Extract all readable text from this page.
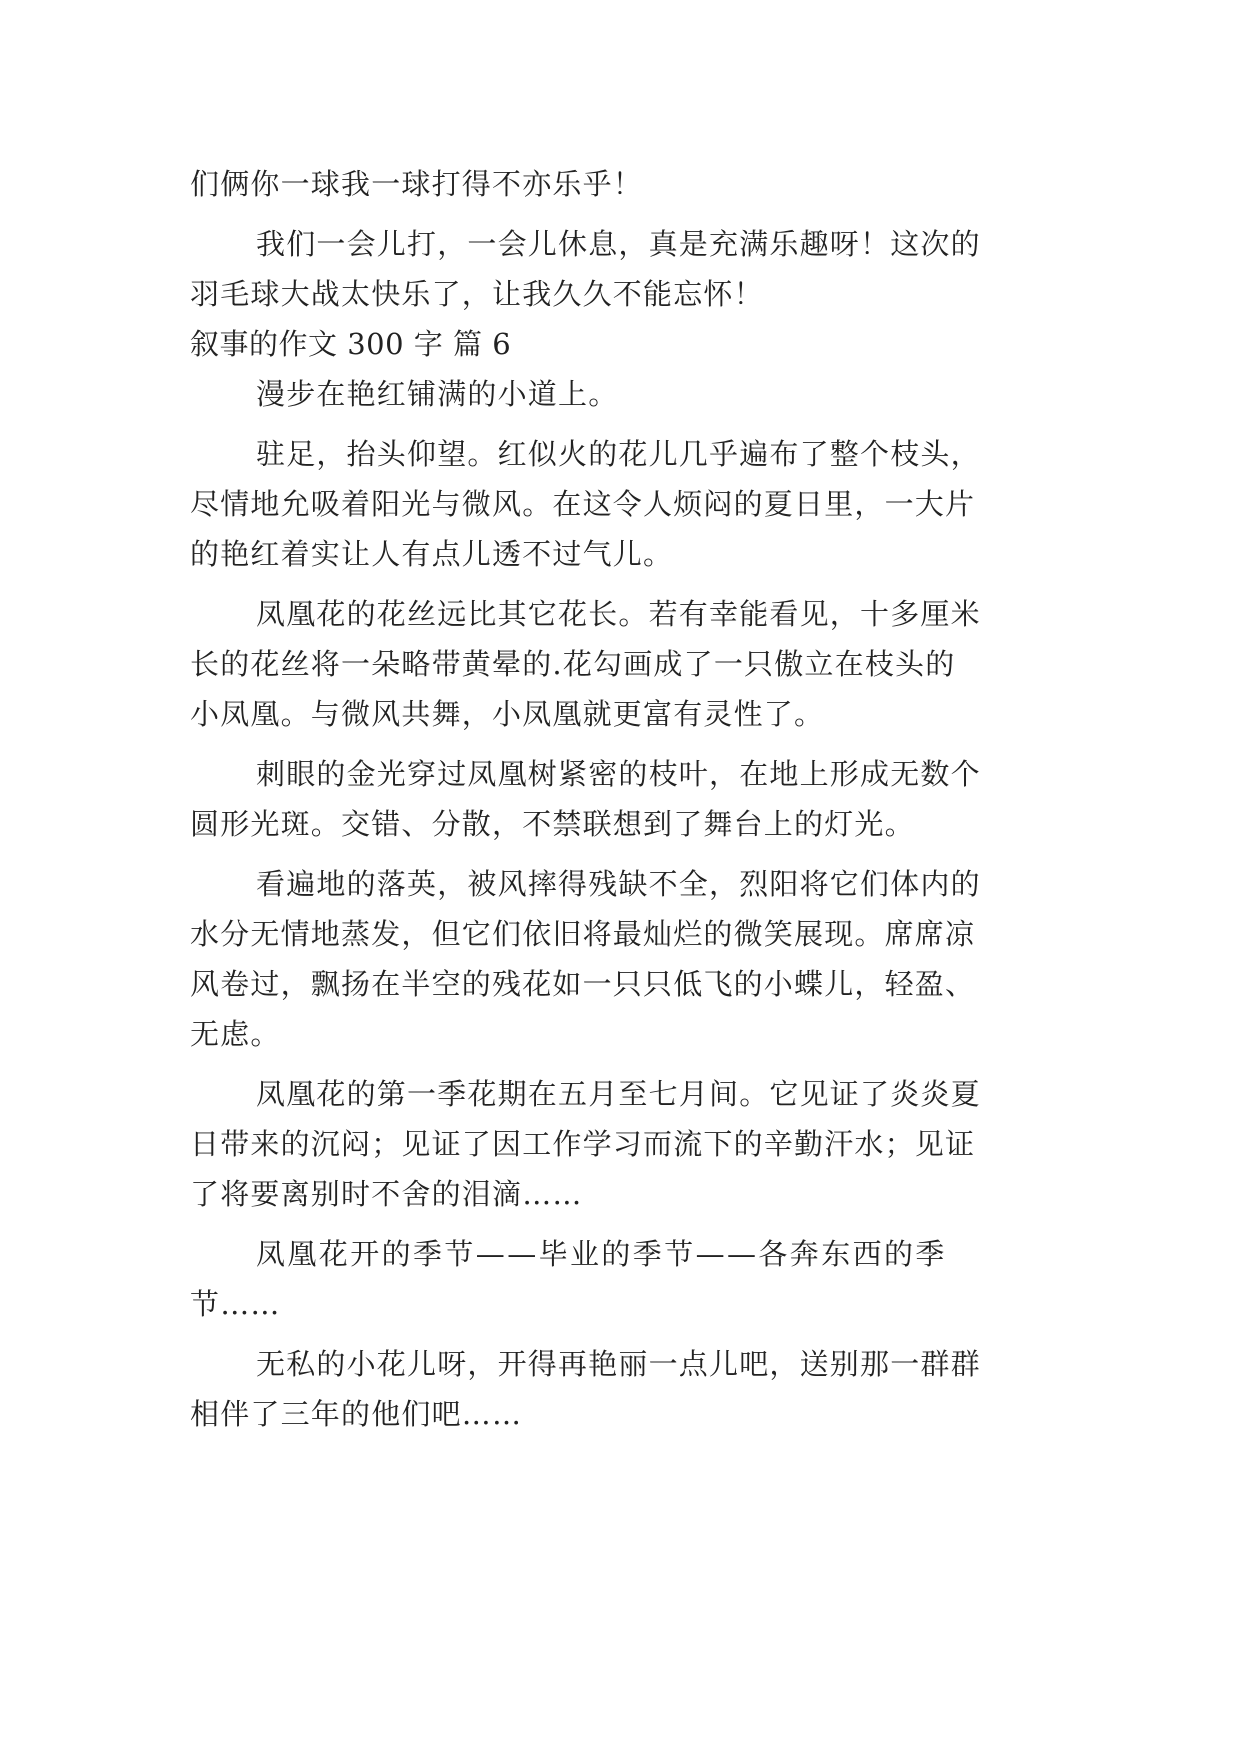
们俩你一球我一球打得不亦乐乎！
我们一会儿打，一会儿休息，真是充满乐趣呀！这次的
羽毛球大战太快乐了，让我久久不能忘怀！
叙事的作文 300 字 篇 6
漫步在艳红铺满的小道上。
驻足，抬头仰望。红似火的花儿几乎遍布了整个枝头，
尽情地允吸着阳光与微风。在这令人烦闷的夏日里，一大片
的艳红着实让人有点儿透不过气儿。
凤凰花的花丝远比其它花长。若有幸能看见，十多厘米
长的花丝将一朵略带黄晕的.花勾画成了一只傲立在枝头的
小凤凰。与微风共舞，小凤凰就更富有灵性了。
刺眼的金光穿过凤凰树紧密的枝叶，在地上形成无数个
圆形光斑。交错、分散，不禁联想到了舞台上的灯光。
看遍地的落英，被风摔得残缺不全，烈阳将它们体内的
水分无情地蒸发，但它们依旧将最灿烂的微笑展现。席席凉
风卷过，飘扬在半空的残花如一只只低飞的小蝶儿，轻盈、
无虑。
凤凰花的第一季花期在五月至七月间。它见证了炎炎夏
日带来的沉闷；见证了因工作学习而流下的辛勤汗水；见证
了将要离别时不舍的泪滴……
凤凰花开的季节——毕业的季节——各奔东西的季
节……
无私的小花儿呀，开得再艳丽一点儿吧，送别那一群群
相伴了三年的他们吧……
